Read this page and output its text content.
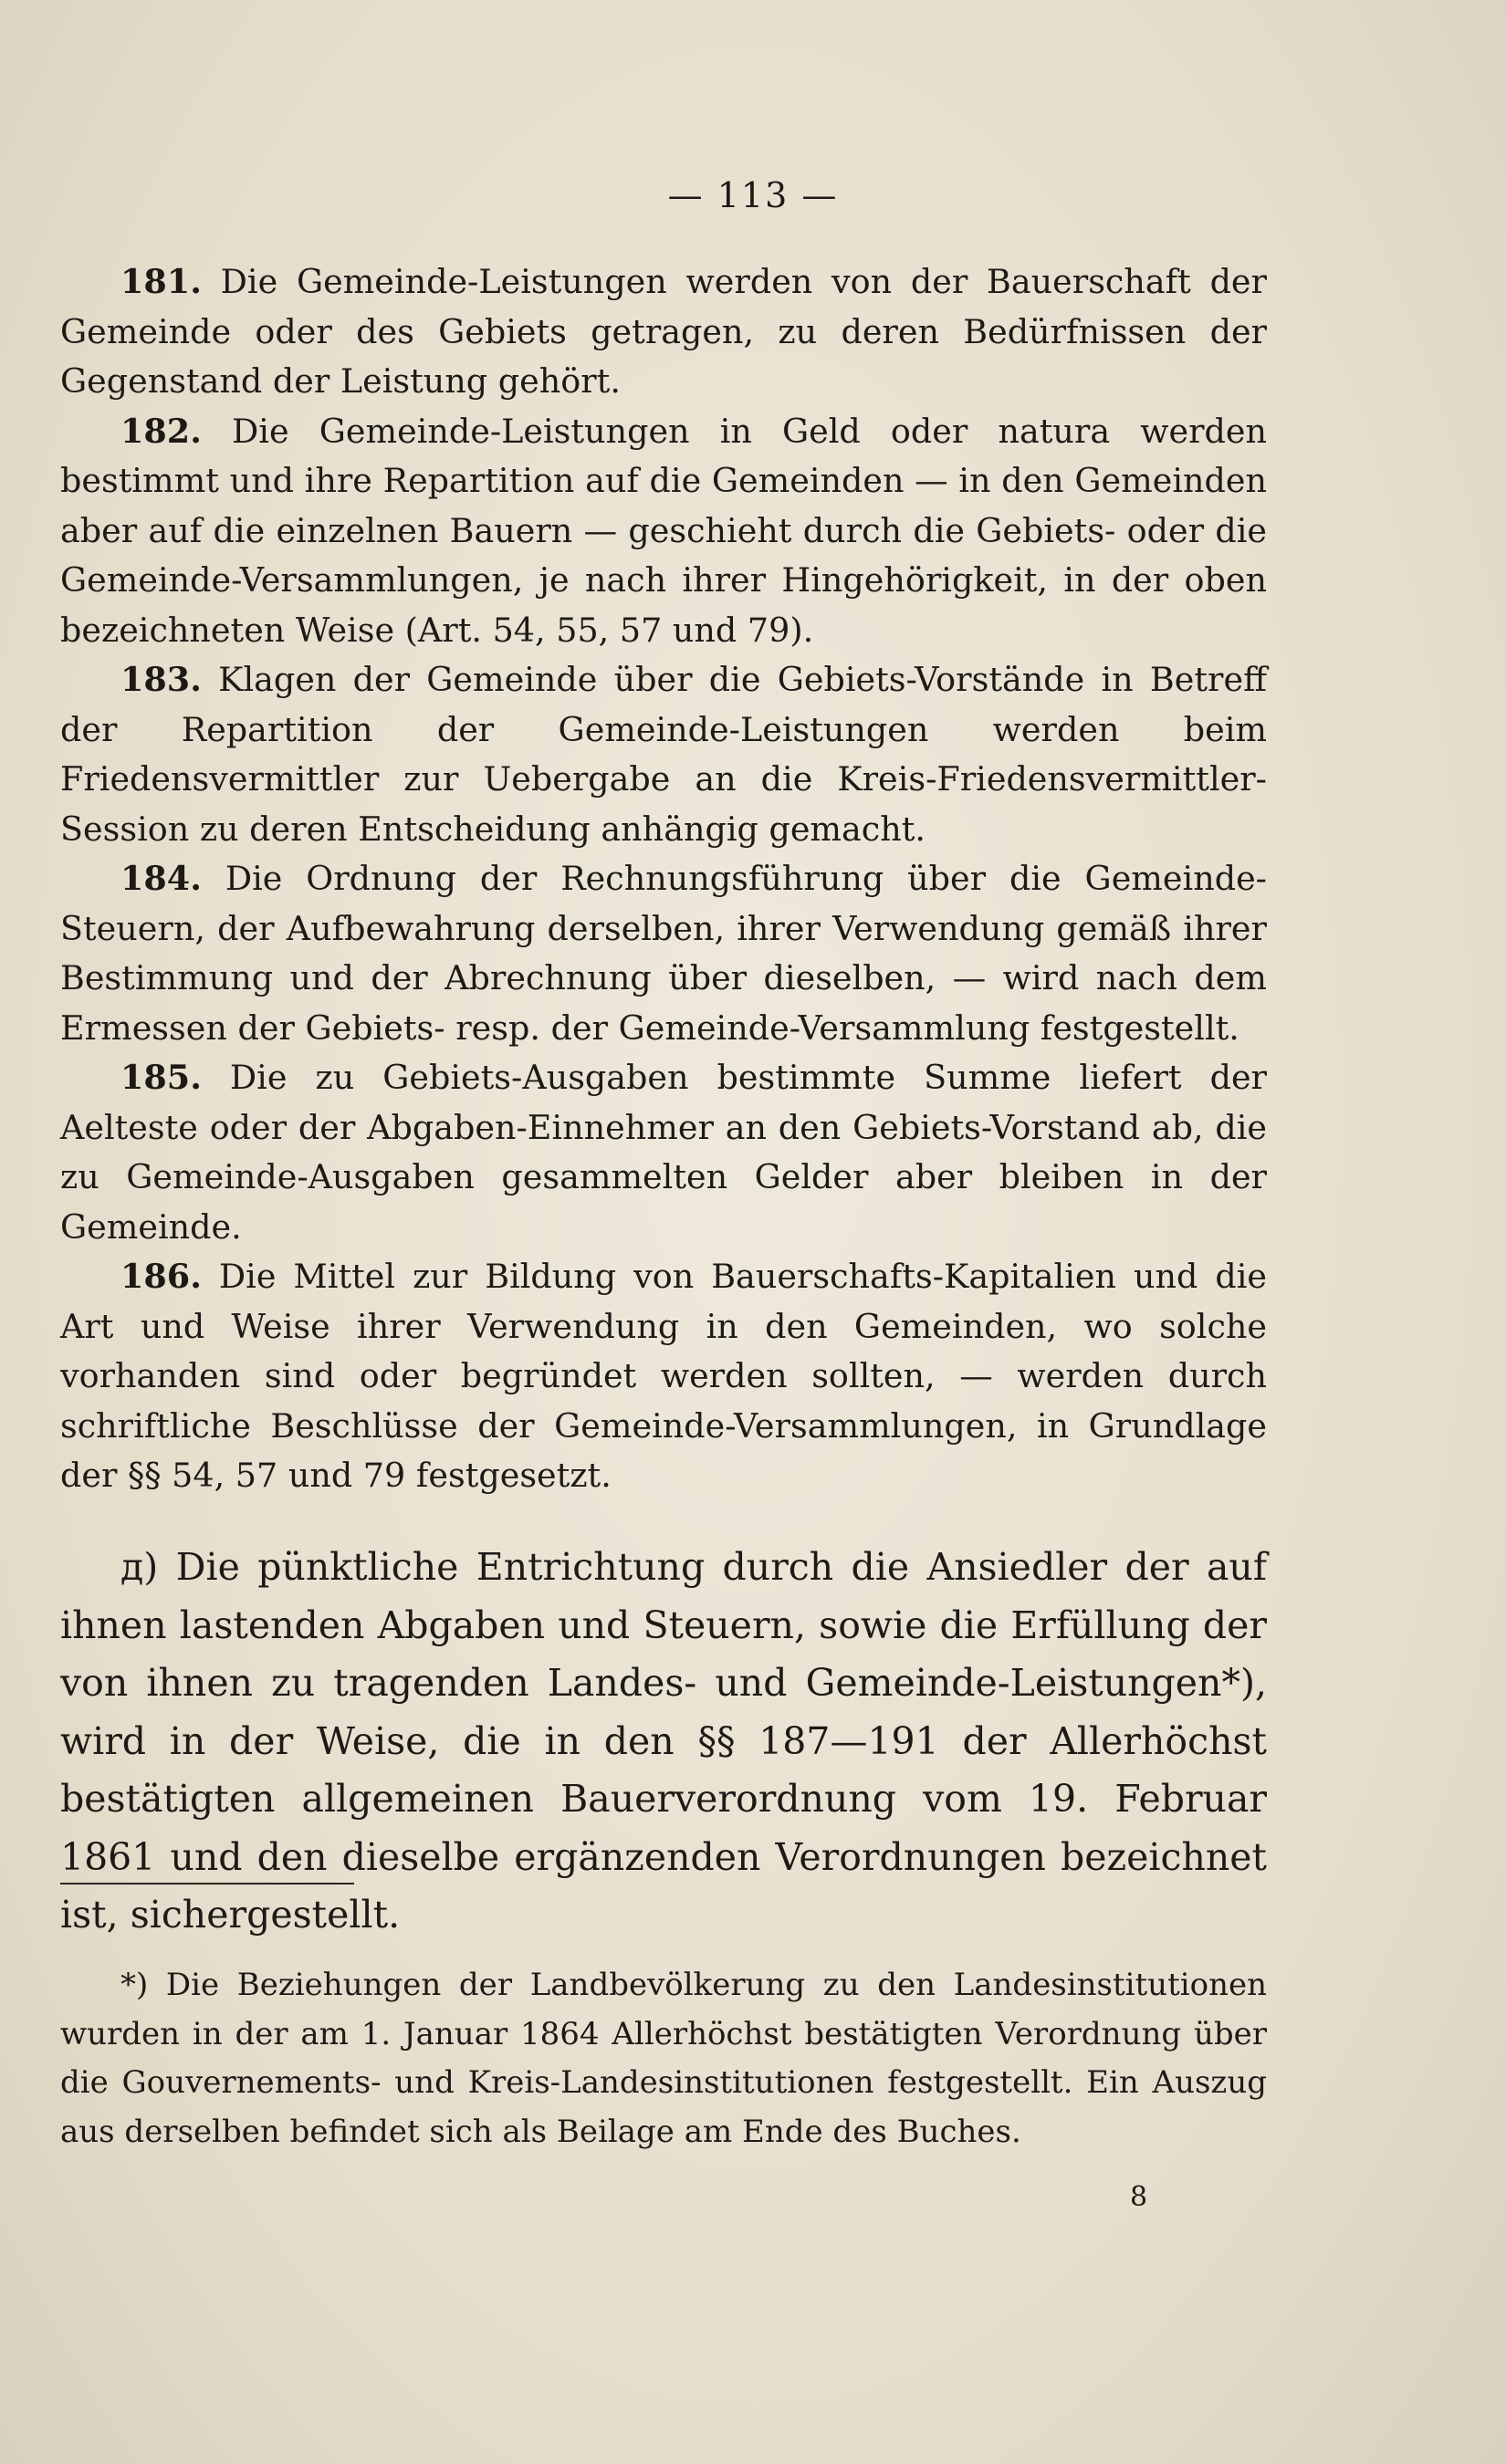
— 113 —

181. Die Gemeinde-Leistungen werden von der Bauerschaft der Gemeinde oder des Gebiets getragen, zu deren Bedürfnissen der Gegenstand der Leistung gehört.

182. Die Gemeinde-Leistungen in Geld oder natura werden bestimmt und ihre Repartition auf die Gemeinden — in den Gemeinden aber auf die einzelnen Bauern — geschieht durch die Gebiets- oder die Gemeinde-Versammlungen, je nach ihrer Hingehörigkeit, in der oben bezeichneten Weise (Art. 54, 55, 57 und 79).

183. Klagen der Gemeinde über die Gebiets-Vorstände in Betreff der Repartition der Gemeinde-Leistungen werden beim Friedensvermittler zur Uebergabe an die Kreis-Friedensvermittler-Session zu deren Entscheidung anhängig gemacht.

184. Die Ordnung der Rechnungsführung über die Gemeinde-Steuern, der Aufbewahrung derselben, ihrer Verwendung gemäß ihrer Bestimmung und der Abrechnung über dieselben, — wird nach dem Ermessen der Gebiets- resp. der Gemeinde-Versammlung festgestellt.

185. Die zu Gebiets-Ausgaben bestimmte Summe liefert der Aelteste oder der Abgaben-Einnehmer an den Gebiets-Vorstand ab, die zu Gemeinde-Ausgaben gesammelten Gelder aber bleiben in der Gemeinde.

186. Die Mittel zur Bildung von Bauerschafts-Kapitalien und die Art und Weise ihrer Verwendung in den Gemeinden, wo solche vorhanden sind oder begründet werden sollten, — werden durch schriftliche Beschlüsse der Gemeinde-Versammlungen, in Grundlage der §§ 54, 57 und 79 festgesetzt.

д) Die pünktliche Entrichtung durch die Ansiedler der auf ihnen lastenden Abgaben und Steuern, sowie die Erfüllung der von ihnen zu tragenden Landes- und Gemeinde-Leistungen*), wird in der Weise, die in den §§ 187—191 der Allerhöchst bestätigten allgemeinen Bauerverordnung vom 19. Februar 1861 und den dieselbe ergänzenden Verordnungen bezeichnet ist, sichergestellt.

*) Die Beziehungen der Landbevölkerung zu den Landesinstitutionen wurden in der am 1. Januar 1864 Allerhöchst bestätigten Verordnung über die Gouvernements- und Kreis-Landesinstitutionen festgestellt. Ein Auszug aus derselben befindet sich als Beilage am Ende des Buches.

8
